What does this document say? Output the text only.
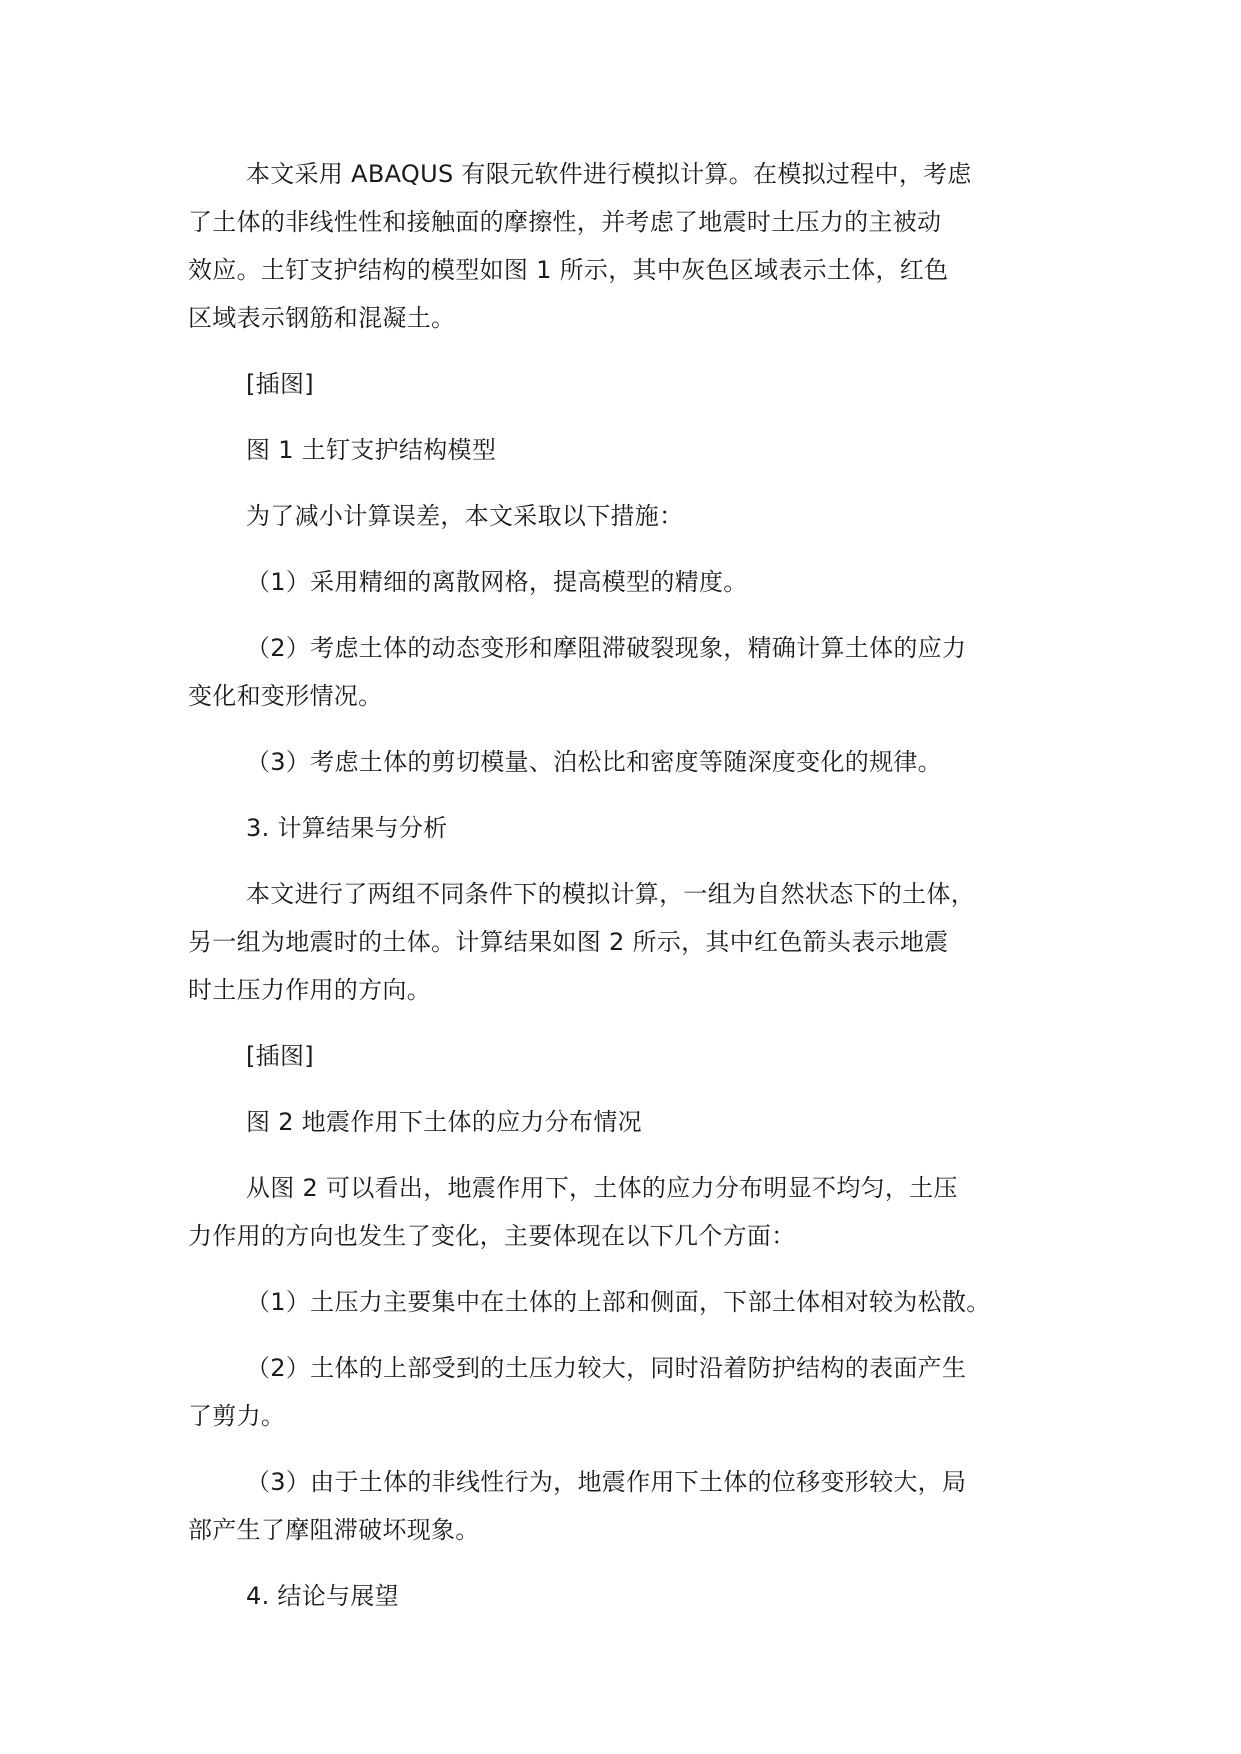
本文采用 ABAQUS 有限元软件进行模拟计算。在模拟过程中，考虑
了土体的非线性性和接触面的摩擦性，并考虑了地震时土压力的主被动
效应。土钉支护结构的模型如图 1 所示，其中灰色区域表示土体，红色
区域表示钢筋和混凝土。

[插图]

图 1 土钉支护结构模型

为了减小计算误差，本文采取以下措施：

（1）采用精细的离散网格，提高模型的精度。

（2）考虑土体的动态变形和摩阻滞破裂现象，精确计算土体的应力
变化和变形情况。

（3）考虑土体的剪切模量、泊松比和密度等随深度变化的规律。

3. 计算结果与分析

本文进行了两组不同条件下的模拟计算，一组为自然状态下的土体，
另一组为地震时的土体。计算结果如图 2 所示，其中红色箭头表示地震
时土压力作用的方向。

[插图]

图 2 地震作用下土体的应力分布情况

从图 2 可以看出，地震作用下，土体的应力分布明显不均匀，土压
力作用的方向也发生了变化，主要体现在以下几个方面：

（1）土压力主要集中在土体的上部和侧面，下部土体相对较为松散。

（2）土体的上部受到的土压力较大，同时沿着防护结构的表面产生
了剪力。

（3）由于土体的非线性行为，地震作用下土体的位移变形较大，局
部产生了摩阻滞破坏现象。

4. 结论与展望
